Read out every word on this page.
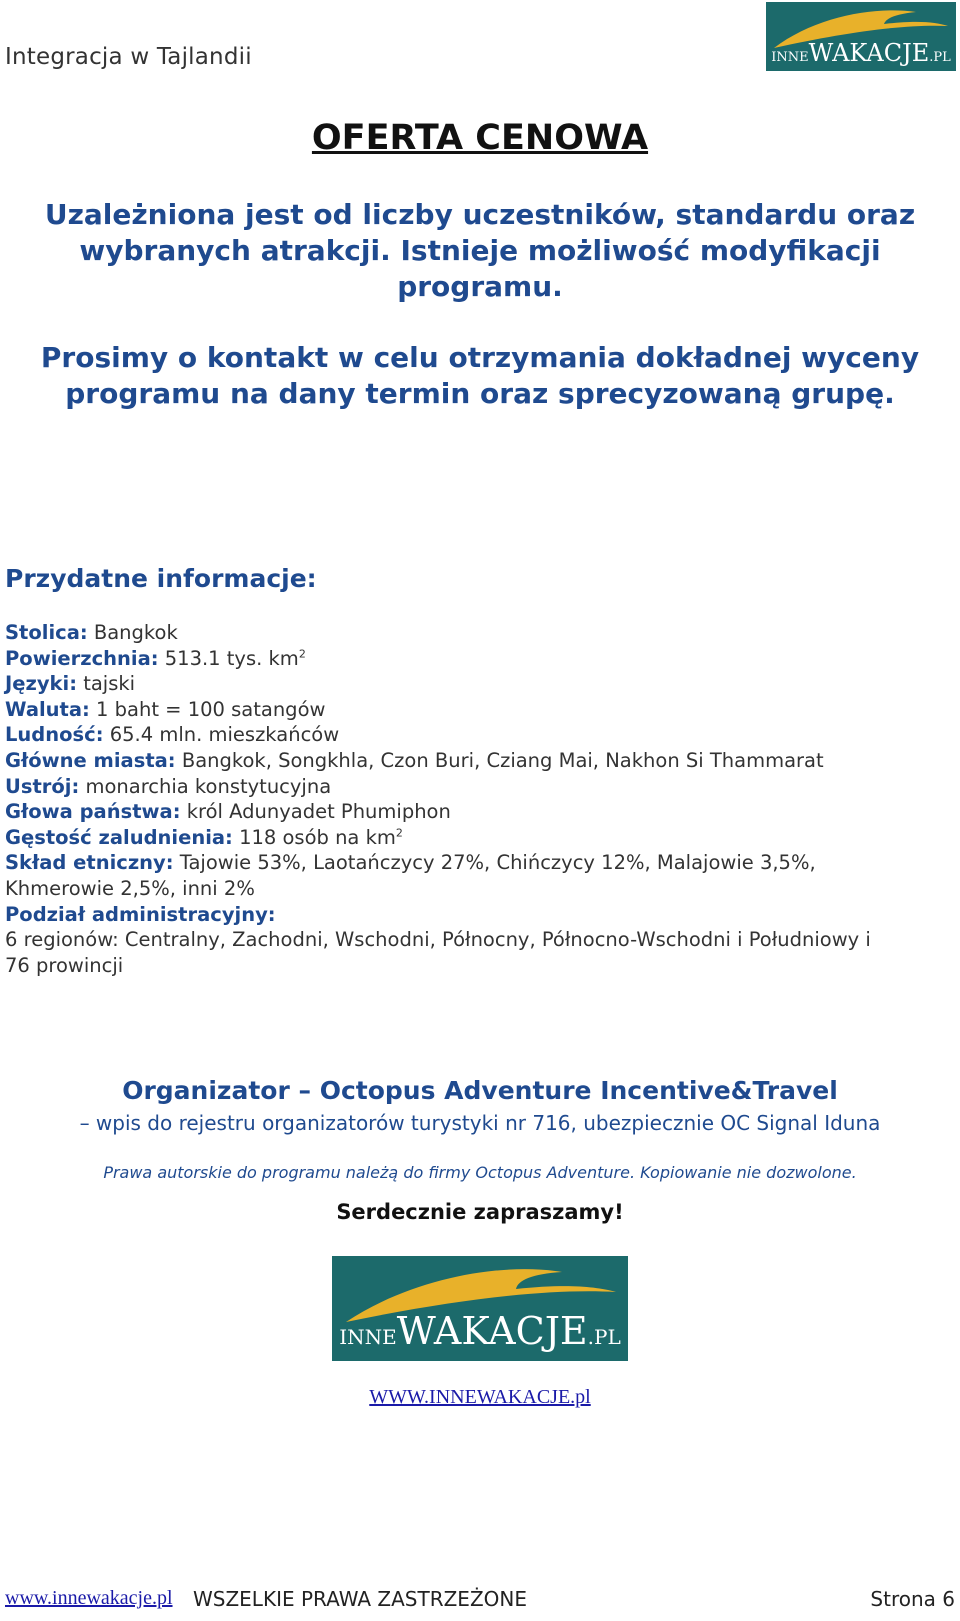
Integracja w Tajlandii	INNEWAKACJE.PL
OFERTA CENOWA
Uzależniona jest od liczby uczestników, standardu oraz
wybranych atrakcji. Istnieje możliwość modyfikacji
programu.
Prosimy o kontakt w celu otrzymania dokładnej wyceny
programu na dany termin oraz sprecyzowaną grupę.
Przydatne informacje:
Stolica: Bangkok
Powierzchnia: 513.1 tys. $km^2$
Języki: tajski
Waluta: 1 baht = 100 satangów
Ludność: 65.4 mln. mieszkańców
Główne miasta: Bangkok, Songkhla, Czon Buri, Cziang Mai, Nakhon Si Thammarat
Ustrój: monarchia konstytucyjna
Głowa państwa: król Adunyadet Phumiphon
Gęstość zaludnienia: 118 osób na $km^2$
Skład etniczny: Tajowie 53%, Laotańczycy 27%, Chińczycy 12%, Malajowie 3,5%,
Khmerowie 2,5%, inni 2%
Podział administracyjny:
6 regionów: Centralny, Zachodni, Wschodni, Północny, Północno-Wschodni i Południowy i
76 prowincji
Organizator – Octopus Adventure Incentive&Travel
– wpis do rejestru organizatorów turystyki nr 716, ubezpiecznie OC Signal Iduna
Prawa autorskie do programu należą do firmy Octopus Adventure. Kopiowanie nie dozwolone.
Serdecznie zapraszamy!
INNEWAKACJE.PL
WWW.INNEWAKACJE.pl
www.innewakacje.pl WSZELKIE PRAWA ZASTRZEŻONE	Strona 6
